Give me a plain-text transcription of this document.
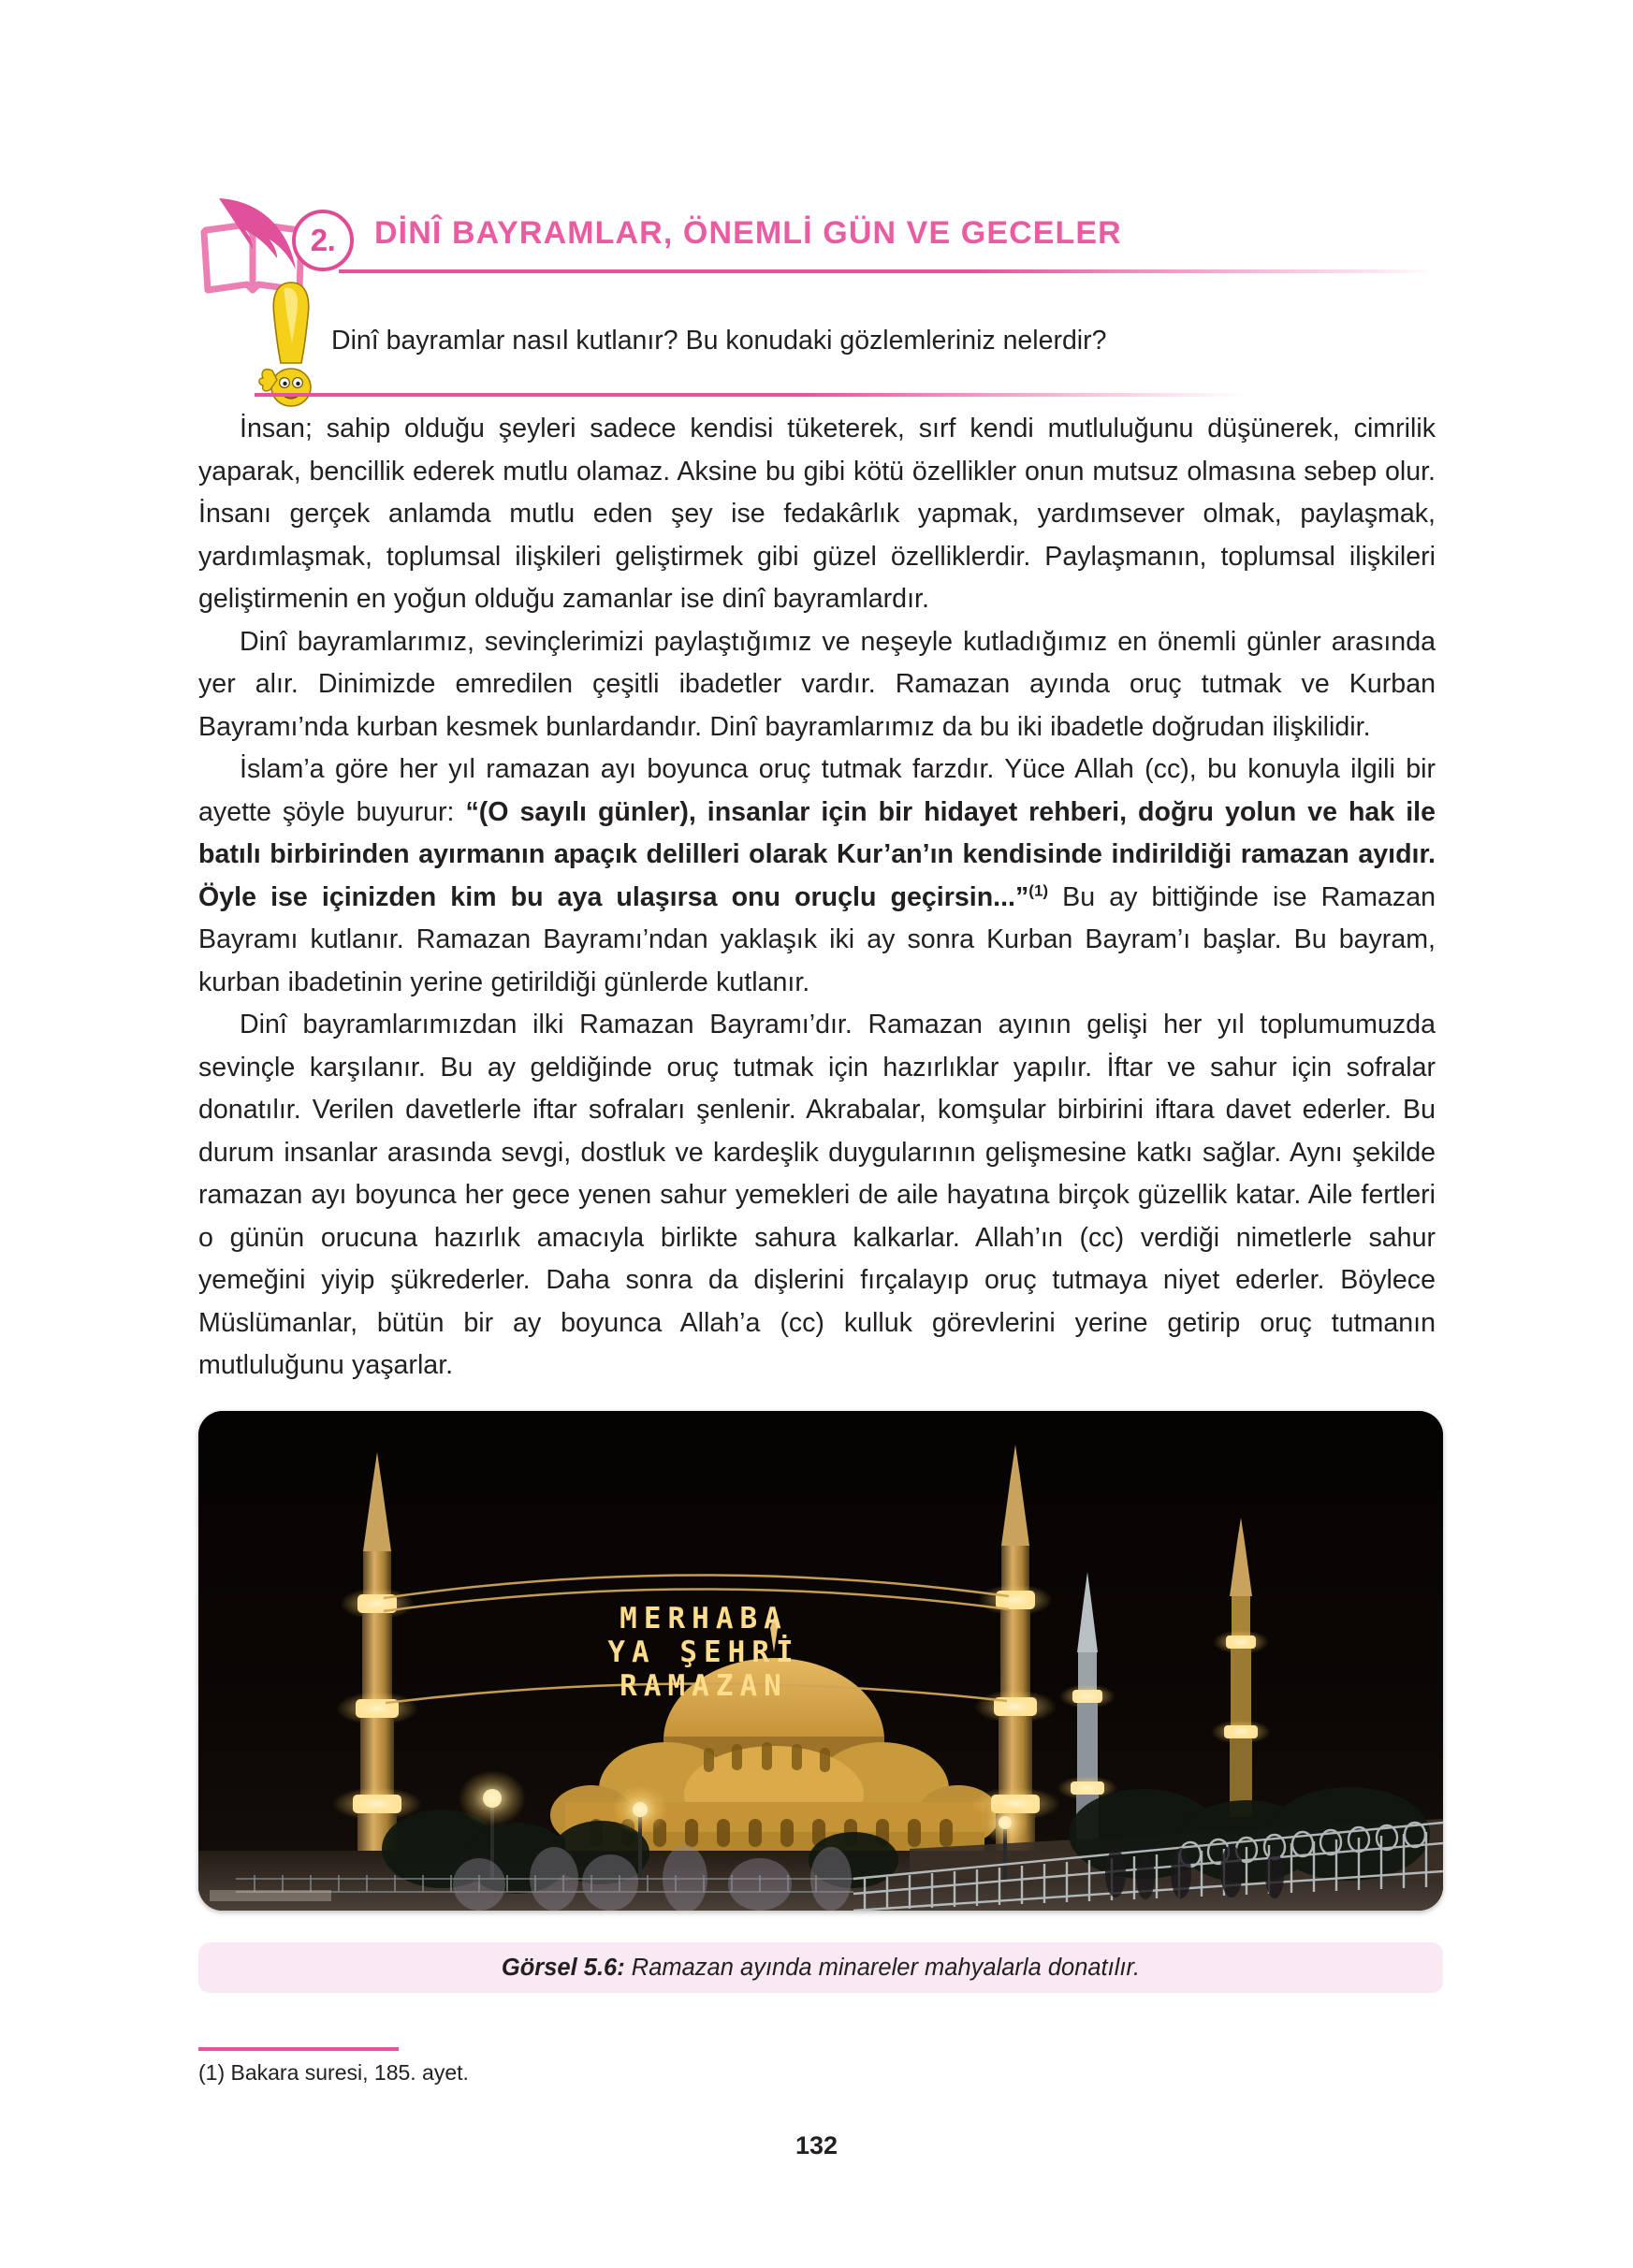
2. DİNÎ BAYRAMLAR, ÖNEMLİ GÜN VE GECELER
Dinî bayramlar nasıl kutlanır? Bu konudaki gözlemleriniz nelerdir?

İnsan; sahip olduğu şeyleri sadece kendisi tüketerek, sırf kendi mutluluğunu düşünerek, cimrilik yaparak, bencillik ederek mutlu olamaz. Aksine bu gibi kötü özellikler onun mutsuz olmasına sebep olur. İnsanı gerçek anlamda mutlu eden şey ise fedakârlık yapmak, yardımsever olmak, paylaşmak, yardımlaşmak, toplumsal ilişkileri geliştirmek gibi güzel özelliklerdir. Paylaşmanın, toplumsal ilişkileri geliştirmenin en yoğun olduğu zamanlar ise dinî bayramlardır.

Dinî bayramlarımız, sevinçlerimizi paylaştığımız ve neşeyle kutladığımız en önemli günler arasında yer alır. Dinimizde emredilen çeşitli ibadetler vardır. Ramazan ayında oruç tutmak ve Kurban Bayramı’nda kurban kesmek bunlardandır. Dinî bayramlarımız da bu iki ibadetle doğrudan ilişkilidir.

İslam’a göre her yıl ramazan ayı boyunca oruç tutmak farzdır. Yüce Allah (cc), bu konuyla ilgili bir ayette şöyle buyurur: “(O sayılı günler), insanlar için bir hidayet rehberi, doğru yolun ve hak ile batılı birbirinden ayırmanın apaçık delilleri olarak Kur’an’ın kendisinde indirildiği ramazan ayıdır. Öyle ise içinizden kim bu aya ulaşırsa onu oruçlu geçirsin...”$^{(1)}$ Bu ay bittiğinde ise Ramazan Bayramı kutlanır. Ramazan Bayramı’ndan yaklaşık iki ay sonra Kurban Bayram’ı başlar. Bu bayram, kurban ibadetinin yerine getirildiği günlerde kutlanır.

Dinî bayramlarımızdan ilki Ramazan Bayramı’dır. Ramazan ayının gelişi her yıl toplumumuzda sevinçle karşılanır. Bu ay geldiğinde oruç tutmak için hazırlıklar yapılır. İftar ve sahur için sofralar donatılır. Verilen davetlerle iftar sofraları şenlenir. Akrabalar, komşular birbirini iftara davet ederler. Bu durum insanlar arasında sevgi, dostluk ve kardeşlik duygularının gelişmesine katkı sağlar. Aynı şekilde ramazan ayı boyunca her gece yenen sahur yemekleri de aile hayatına birçok güzellik katar. Aile fertleri o günün orucuna hazırlık amacıyla birlikte sahura kalkarlar. Allah’ın (cc) verdiği nimetlerle sahur yemeğini yiyip şükrederler. Daha sonra da dişlerini fırçalayıp oruç tutmaya niyet ederler. Böylece Müslümanlar, bütün bir ay boyunca Allah’a (cc) kulluk görevlerini yerine getirip oruç tutmanın mutluluğunu yaşarlar.

MERHABA
YA ŞEHRİ
RAMAZAN
Görsel 5.6: Ramazan ayında minareler mahyalarla donatılır.
(1) Bakara suresi, 185. ayet.
132
